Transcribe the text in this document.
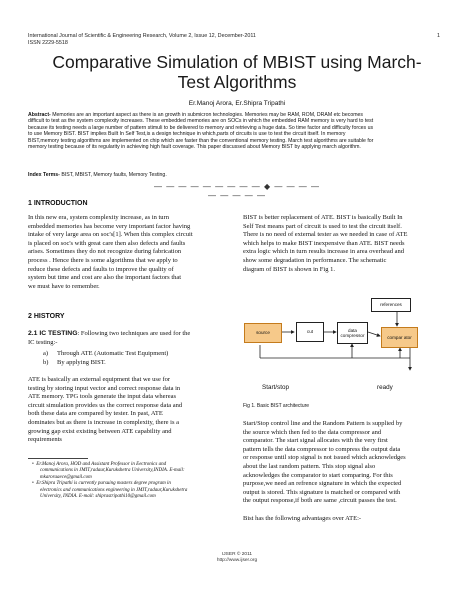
International Journal of Scientific & Engineering Research, Volume 2, Issue 12, December-2011
ISSN 2229-5518
1
Comparative Simulation of MBIST using March-
Test Algorithms
Er.Manoj Arora, Er.Shipra Tripathi
Abstract- Memories are an important aspect as there is an growth in submicron technologies. Memories may be RAM, ROM, DRAM etc becomes
difficult to test as the system complexity increases. These embedded memories are on SOCs in which the embedded RAM memory is very hard to test
because its testing needs a large number of pattern stimuli to be delivered to memory and retrieving a huge data. So time factor and difficulty forces us
to use Memory BIST. BIST implies Built In Self Test,is a design technique in which,parts of circuits is use to test the circuit itself. In memory
BIST,memory testing algorithms are implemented on chip which are faster than the conventional memory testing. March test algorithms are suitable for
memory testing because of its regularity in achieving high fault coverage. This paper discussed about Memory BIST by applying march algorithm.
Index Terms- BIST, MBIST, Memory faults, Memory Testing.
— — — — — — — — — ◆ — — — — — — — — —
1 INTRODUCTION
In this new era, system complexity increase, as in turn
embedded memories has become very important factor having
intake of very large area on soc's[1]. When this complex circuit
is placed on soc's with great care then also defects and faults
arises. Sometimes they do not recognize during fabrication
process . Hence there is some algorithms that we apply to
reduce these defects and faults to improve the quality of
system but time and cost are also the important factors that
we must have to remember.
2 HISTORY
2.1 IC TESTING: Following two techniques are used for the
IC testing:-
a) Through ATE (Automatic Test Equipment)
b) By applying BIST.
ATE is basically an external equipment that we use for
testing by storing input vector and correct response data in
ATE memory. TPG tools generate the input data whereas
circuit simulation provides us the correct response data and
both these data are compared by tester. In past, ATE
dominates but as there is increase in complexity, there is a
growing gap exist existing between ATE capability and
requirements
•  Er.Manoj Arora, HOD and Assistant Professor in Eectronics and
communications in JMIT,radaur,Kurukshetra University,INDIA. E-mail:
mkaroraaece@gmail.com
•  Er.Shipra Tripathi is currently pursuing masters degree program in
electronics and communications engineering in JMIT,radaur,Kurukshetra
University, INDIA. E-mail: shiprastripathi10@gmail.com
BIST is better replacement of ATE. BIST is basically Built In
Self Test means part of circuit is used to test the circuit itself.
There is no need of external tester as we needed in case of ATE
which helps to make BIST inexpensive than ATE. BIST needs
extra logic which in turn results increase in area overhead and
show some degradation in performance. The schematic
diagram of BIST is shown in Fig 1.
source	cut	data compressor
references
compar ator
Start/stop	ready
Fig 1. Basic BIST architecture
Start/Stop control line and the Random Pattern is supplied by
the source which then fed to the data compressor and
comparator. The start signal allocates with the very first
pattern tells the data compressor to compress the output data
or response until stop signal is not issued which acknowledges
about the last random pattern. This stop signal also
acknowledges the comparator to start comparing. For this
purpose,we need an refrence signature in which the expected
output is stored. This signature is matched or compared with
the output response,if both are same ,circuit passes the test.
Bist has the following advantages over ATE:-
IJSER © 2011
http://www.ijser.org
